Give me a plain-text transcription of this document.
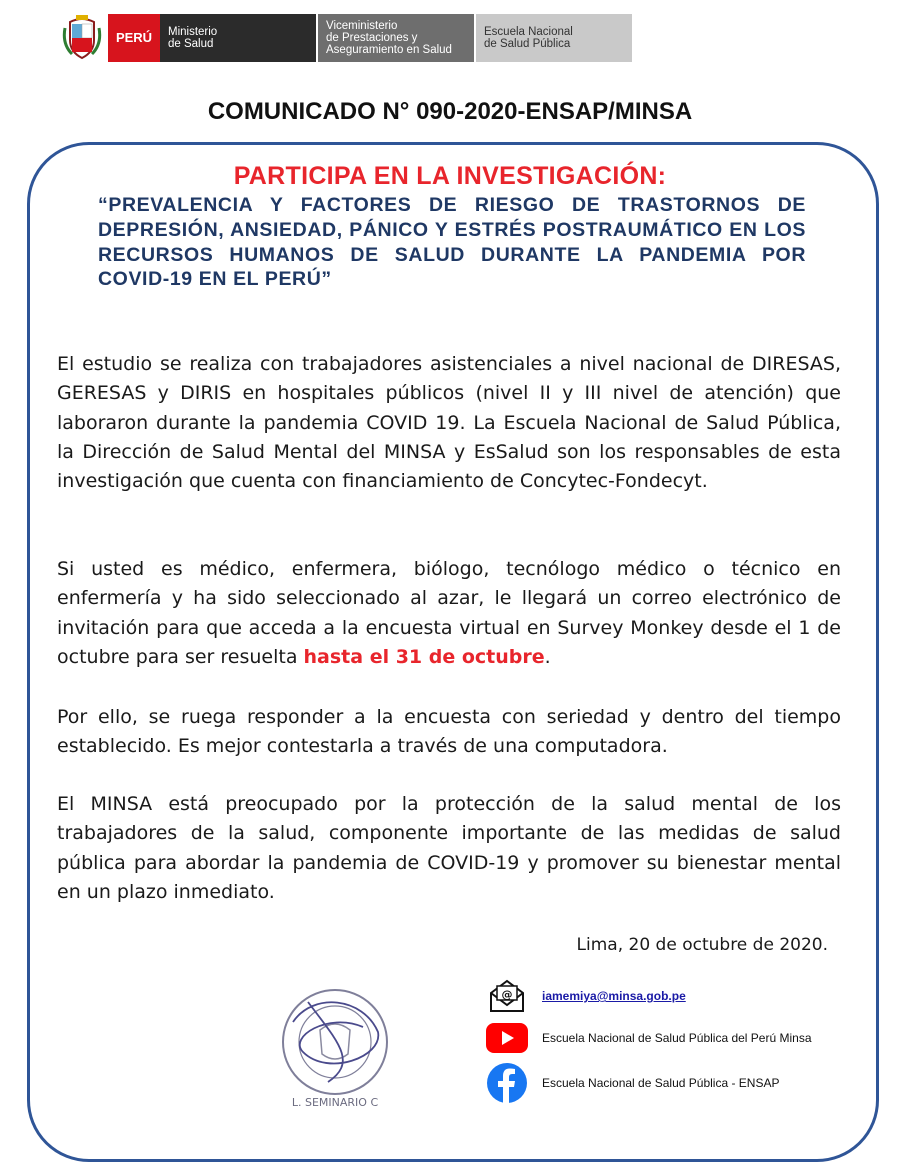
PERÚ	Ministerio
de Salud
Viceministerio
de Prestaciones y
Aseguramiento en Salud
Escuela Nacional
de Salud Pública
COMUNICADO N° 090-2020-ENSAP/MINSA
PARTICIPA EN LA INVESTIGACIÓN:
“PREVALENCIA Y FACTORES DE RIESGO DE TRASTORNOS DE DEPRESIÓN, ANSIEDAD, PÁNICO Y ESTRÉS POSTRAUMÁTICO EN LOS RECURSOS HUMANOS DE SALUD DURANTE LA PANDEMIA POR COVID-19 EN EL PERÚ”
El estudio se realiza con trabajadores asistenciales a nivel nacional de DIRESAS, GERESAS y DIRIS en hospitales públicos (nivel II y III nivel de atención) que laboraron durante la pandemia COVID 19. La Escuela Nacional de Salud Pública, la Dirección de Salud Mental del MINSA y EsSalud son los responsables de esta investigación que cuenta con financiamiento de Concytec-Fondecyt.
Si usted es médico, enfermera, biólogo, tecnólogo médico o técnico en enfermería y ha sido seleccionado al azar, le llegará un correo electrónico de invitación para que acceda a la encuesta virtual en Survey Monkey desde el 1 de octubre para ser resuelta hasta el 31 de octubre.
Por ello, se ruega responder a la encuesta con seriedad y dentro del tiempo establecido. Es mejor contestarla a través de una computadora.
El MINSA está preocupado por la protección de la salud mental de los trabajadores de la salud, componente importante de las medidas de salud pública para abordar la pandemia de COVID-19 y promover su bienestar mental en un plazo inmediato.
Lima, 20 de octubre de 2020.
L. SEMINARIO C
@ iamemiya@minsa.gob.pe
Escuela Nacional de Salud Pública del Perú Minsa
Escuela Nacional de Salud Pública - ENSAP
